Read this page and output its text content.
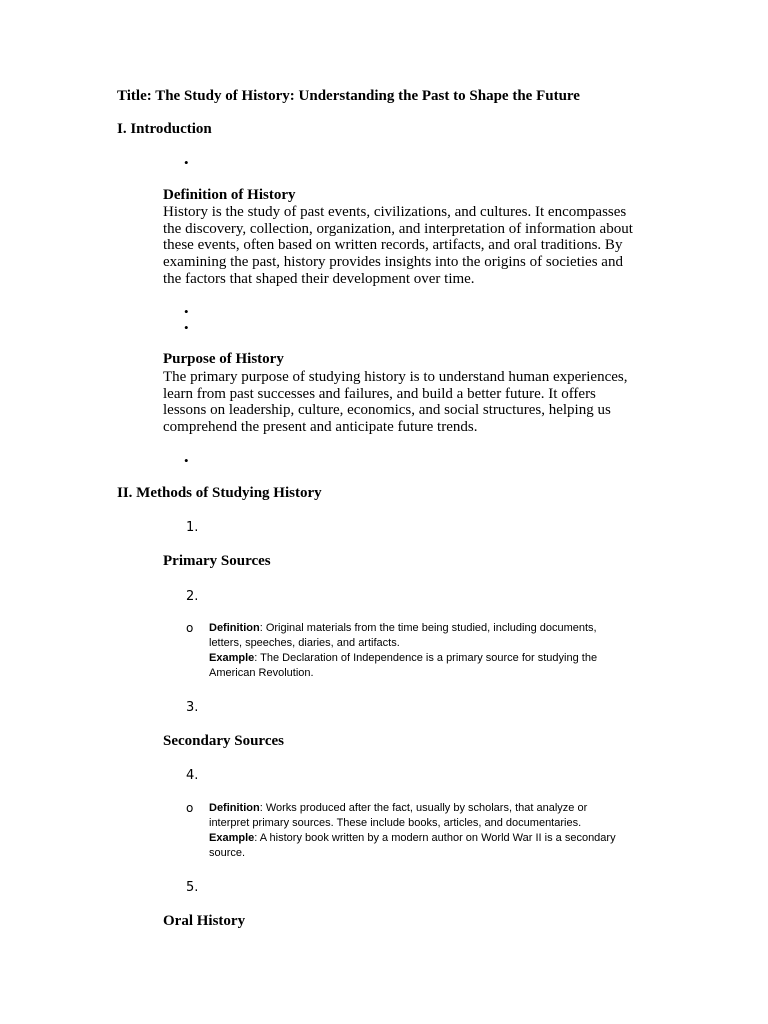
Title: The Study of History: Understanding the Past to Shape the Future
I. Introduction
•
Definition of History
History is the study of past events, civilizations, and cultures. It encompasses
the discovery, collection, organization, and interpretation of information about
these events, often based on written records, artifacts, and oral traditions. By
examining the past, history provides insights into the origins of societies and
the factors that shaped their development over time.
•
•
Purpose of History
The primary purpose of studying history is to understand human experiences,
learn from past successes and failures, and build a better future. It offers
lessons on leadership, culture, economics, and social structures, helping us
comprehend the present and anticipate future trends.
•
II. Methods of Studying History
1.
Primary Sources
2.
o Definition: Original materials from the time being studied, including documents,
letters, speeches, diaries, and artifacts.
Example: The Declaration of Independence is a primary source for studying the
American Revolution.
3.
Secondary Sources
4.
o Definition: Works produced after the fact, usually by scholars, that analyze or
interpret primary sources. These include books, articles, and documentaries.
Example: A history book written by a modern author on World War II is a secondary
source.
5.
Oral History
